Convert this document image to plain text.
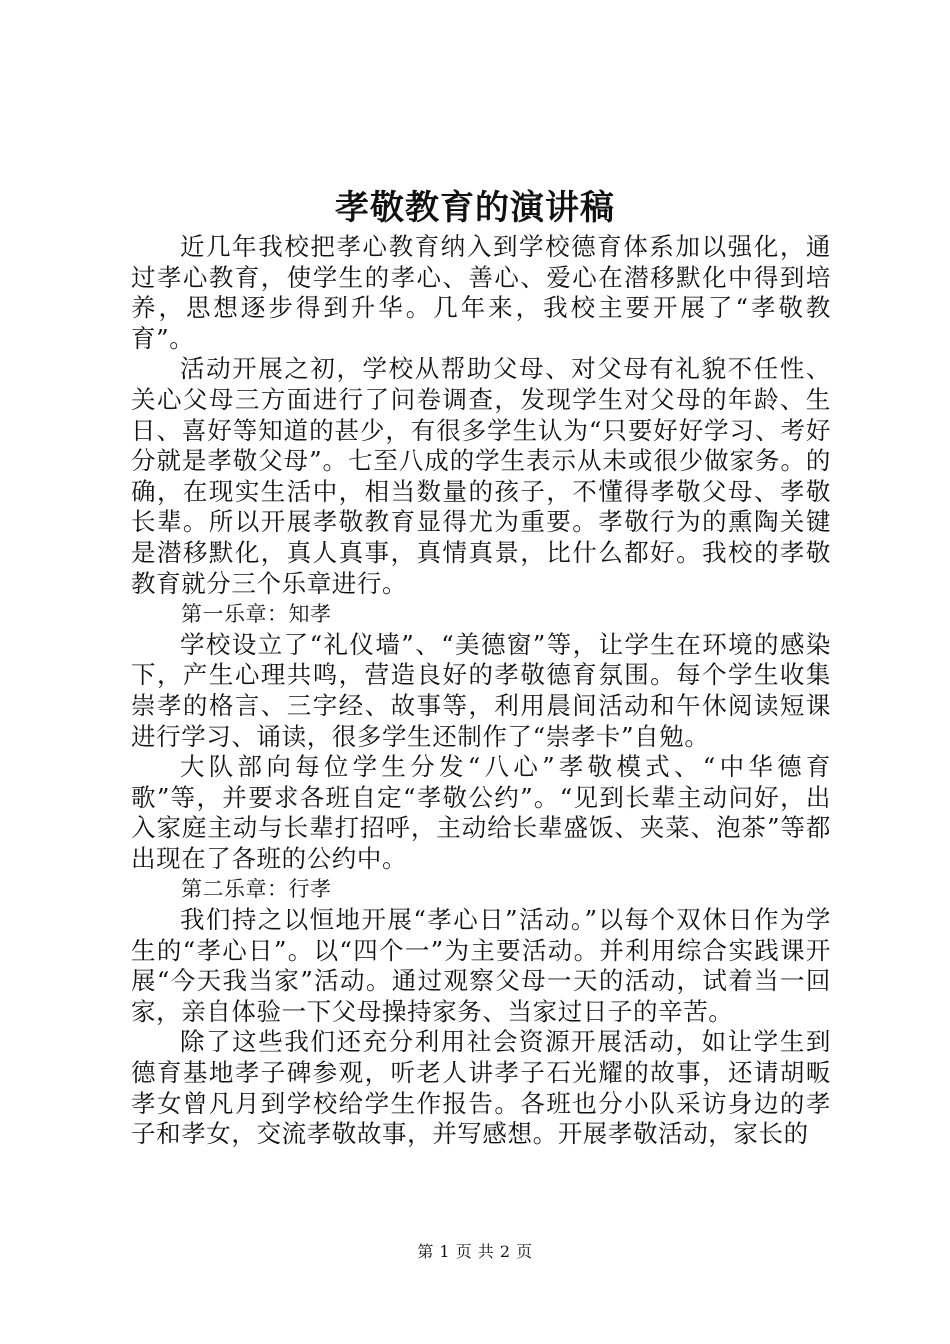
孝敬教育的演讲稿

近几年我校把孝心教育纳入到学校德育体系加以强化，通过孝心教育，使学生的孝心、善心、爱心在潜移默化中得到培养，思想逐步得到升华。几年来，我校主要开展了“孝敬教育”。

活动开展之初，学校从帮助父母、对父母有礼貌不任性、关心父母三方面进行了问卷调查，发现学生对父母的年龄、生日、喜好等知道的甚少，有很多学生认为“只要好好学习、考好分就是孝敬父母”。七至八成的学生表示从未或很少做家务。的确，在现实生活中，相当数量的孩子，不懂得孝敬父母、孝敬长辈。所以开展孝敬教育显得尤为重要。孝敬行为的熏陶关键是潜移默化，真人真事，真情真景，比什么都好。我校的孝敬教育就分三个乐章进行。

第一乐章：知孝

学校设立了“礼仪墙”、“美德窗”等，让学生在环境的感染下，产生心理共鸣，营造良好的孝敬德育氛围。每个学生收集崇孝的格言、三字经、故事等，利用晨间活动和午休阅读短课进行学习、诵读，很多学生还制作了“崇孝卡”自勉。

大队部向每位学生分发“八心”孝敬模式、“中华德育歌”等，并要求各班自定“孝敬公约”。“见到长辈主动问好，出入家庭主动与长辈打招呼，主动给长辈盛饭、夹菜、泡茶”等都出现在了各班的公约中。

第二乐章：行孝

我们持之以恒地开展“孝心日”活动。”以每个双休日作为学生的“孝心日”。以“四个一”为主要活动。并利用综合实践课开展“今天我当家”活动。通过观察父母一天的活动，试着当一回家，亲自体验一下父母操持家务、当家过日子的辛苦。

除了这些我们还充分利用社会资源开展活动，如让学生到德育基地孝子碑参观，听老人讲孝子石光耀的故事，还请胡畈孝女曾凡月到学校给学生作报告。各班也分小队采访身边的孝子和孝女，交流孝敬故事，并写感想。开展孝敬活动，家长的

第 1 页 共 2 页
